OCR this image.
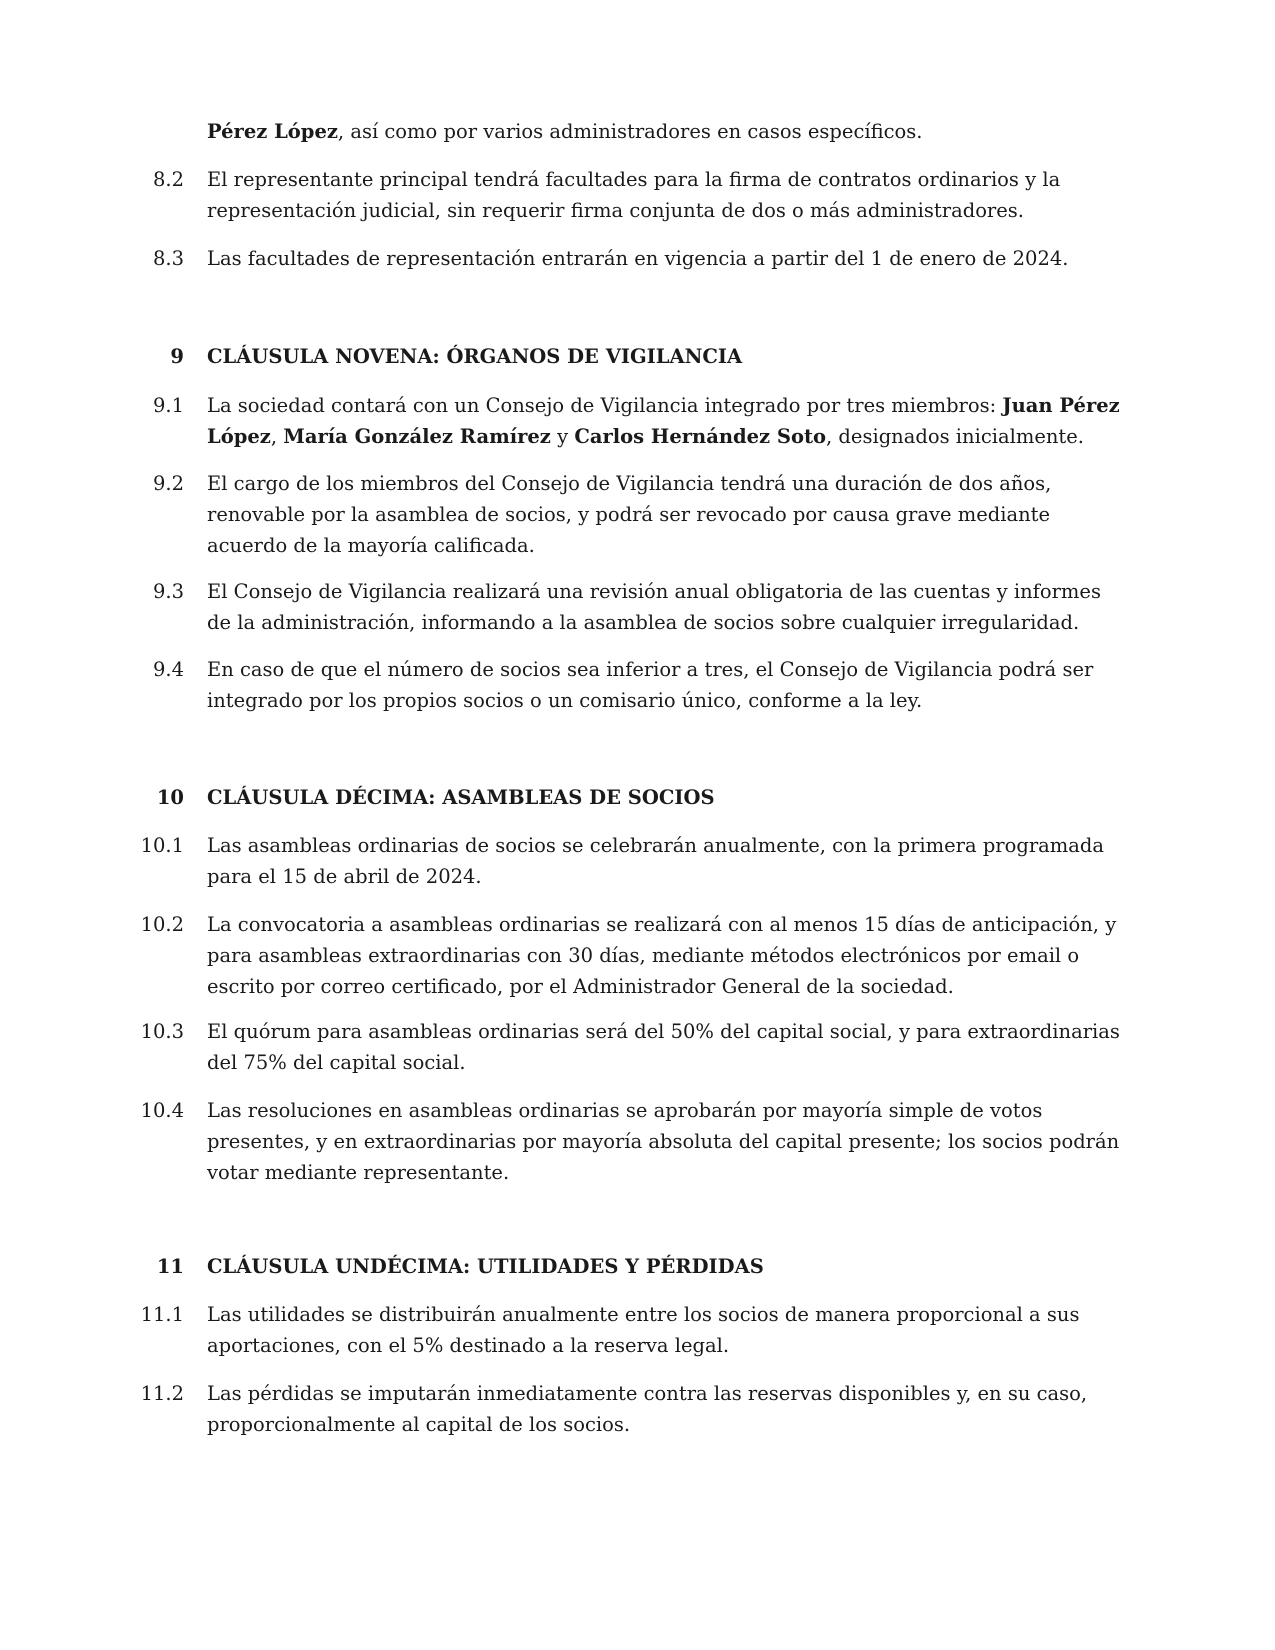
Pérez López, así como por varios administradores en casos específicos.
8.2 El representante principal tendrá facultades para la firma de contratos ordinarios y la representación judicial, sin requerir firma conjunta de dos o más administradores.
8.3 Las facultades de representación entrarán en vigencia a partir del 1 de enero de 2024.
9 CLÁUSULA NOVENA: ÓRGANOS DE VIGILANCIA
9.1 La sociedad contará con un Consejo de Vigilancia integrado por tres miembros: Juan Pérez López, María González Ramírez y Carlos Hernández Soto, designados inicialmente.
9.2 El cargo de los miembros del Consejo de Vigilancia tendrá una duración de dos años, renovable por la asamblea de socios, y podrá ser revocado por causa grave mediante acuerdo de la mayoría calificada.
9.3 El Consejo de Vigilancia realizará una revisión anual obligatoria de las cuentas y informes de la administración, informando a la asamblea de socios sobre cualquier irregularidad.
9.4 En caso de que el número de socios sea inferior a tres, el Consejo de Vigilancia podrá ser integrado por los propios socios o un comisario único, conforme a la ley.
10 CLÁUSULA DÉCIMA: ASAMBLEAS DE SOCIOS
10.1 Las asambleas ordinarias de socios se celebrarán anualmente, con la primera programada para el 15 de abril de 2024.
10.2 La convocatoria a asambleas ordinarias se realizará con al menos 15 días de anticipación, y para asambleas extraordinarias con 30 días, mediante métodos electrónicos por email o escrito por correo certificado, por el Administrador General de la sociedad.
10.3 El quórum para asambleas ordinarias será del 50% del capital social, y para extraordinarias del 75% del capital social.
10.4 Las resoluciones en asambleas ordinarias se aprobarán por mayoría simple de votos presentes, y en extraordinarias por mayoría absoluta del capital presente; los socios podrán votar mediante representante.
11 CLÁUSULA UNDÉCIMA: UTILIDADES Y PÉRDIDAS
11.1 Las utilidades se distribuirán anualmente entre los socios de manera proporcional a sus aportaciones, con el 5% destinado a la reserva legal.
11.2 Las pérdidas se imputarán inmediatamente contra las reservas disponibles y, en su caso, proporcionalmente al capital de los socios.
